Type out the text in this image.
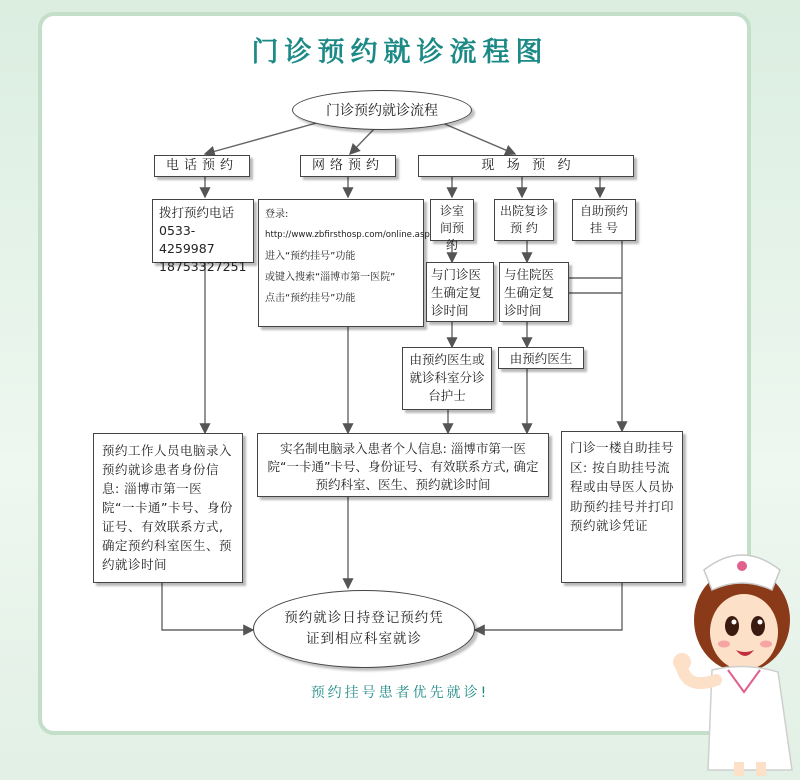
门诊预约就诊流程图
门诊预约就诊流程
电话预约	网络预约	现   场   预   约
拨打预约电话
0533-4259987
18753327251
登录:
http://www.zbfirsthosp.com/online.asp
进入“预约挂号”功能
或键入搜索“淄博市第一医院”
点击“预约挂号”功能
诊室间预约
出院复诊预 约
自助预约挂 号
与门诊医生确定复诊时间
与住院医生确定复诊时间
由预约医生或就诊科室分诊台护士
由预约医生
预约工作人员电脑录入预约就诊患者身份信息: 淄博市第一医院“一卡通”卡号、身份证号、有效联系方式, 确定预约科室医生、预约就诊时间
实名制电脑录入患者个人信息: 淄博市第一医院“一卡通”卡号、身份证号、有效联系方式, 确定预约科室、医生、预约就诊时间
门诊一楼自助挂号区: 按自助挂号流程或由导医人员协助预约挂号并打印预约就诊凭证
预约就诊日持登记预约凭证到相应科室就诊
预约挂号患者优先就诊!
